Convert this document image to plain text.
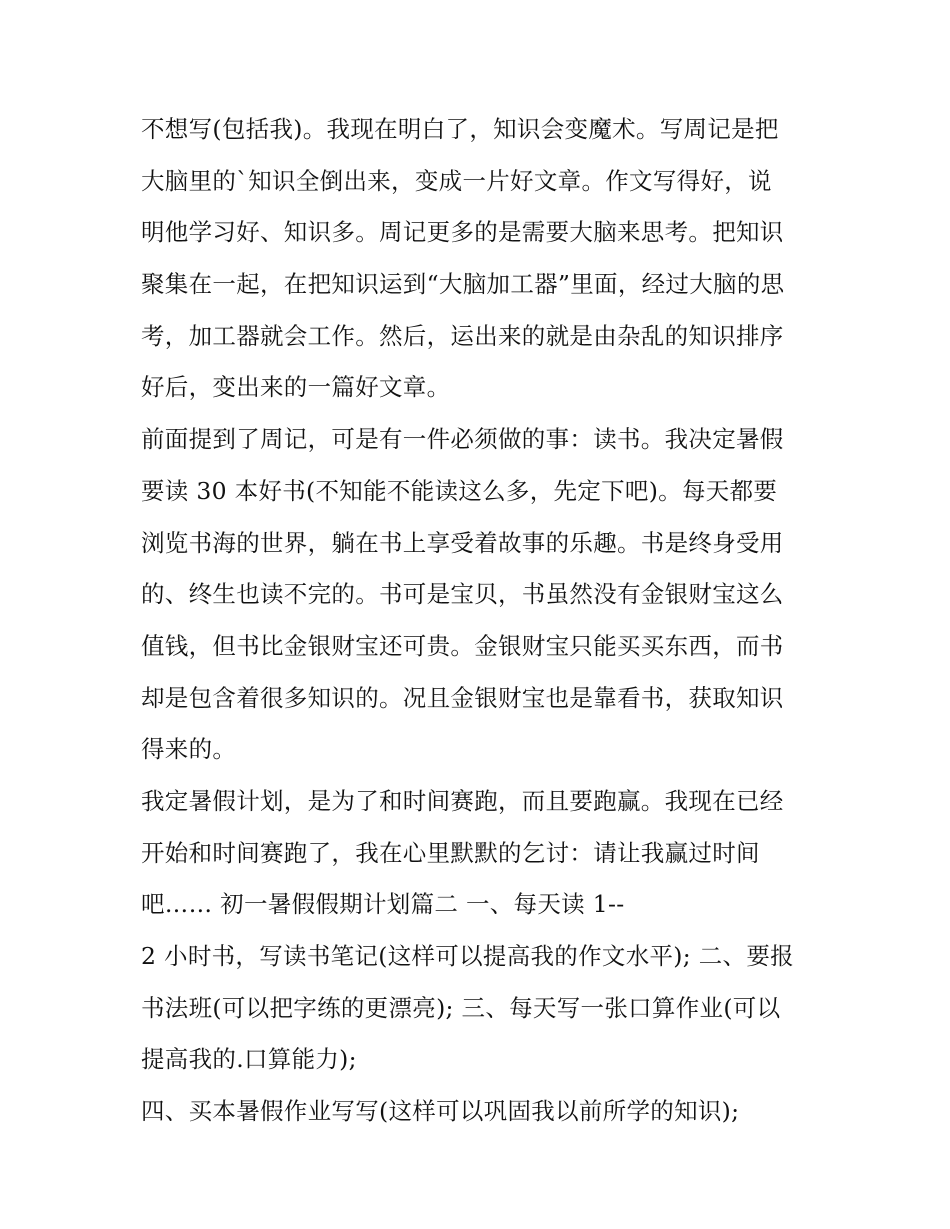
不想写(包括我)。我现在明白了，知识会变魔术。写周记是把
大脑里的`知识全倒出来，变成一片好文章。作文写得好，说
明他学习好、知识多。周记更多的是需要大脑来思考。把知识
聚集在一起，在把知识运到“大脑加工器”里面，经过大脑的思
考，加工器就会工作。然后，运出来的就是由杂乱的知识排序
好后，变出来的一篇好文章。
前面提到了周记，可是有一件必须做的事：读书。我决定暑假
要读 30 本好书(不知能不能读这么多，先定下吧)。每天都要
浏览书海的世界，躺在书上享受着故事的乐趣。书是终身受用
的、终生也读不完的。书可是宝贝，书虽然没有金银财宝这么
值钱，但书比金银财宝还可贵。金银财宝只能买买东西，而书
却是包含着很多知识的。况且金银财宝也是靠看书，获取知识
得来的。
我定暑假计划，是为了和时间赛跑，而且要跑赢。我现在已经
开始和时间赛跑了，我在心里默默的乞讨：请让我赢过时间
吧…… 初一暑假假期计划篇二 一、每天读 1--
2 小时书，写读书笔记(这样可以提高我的作文水平); 二、要报
书法班(可以把字练的更漂亮); 三、每天写一张口算作业(可以
提高我的.口算能力);
四、买本暑假作业写写(这样可以巩固我以前所学的知识);
